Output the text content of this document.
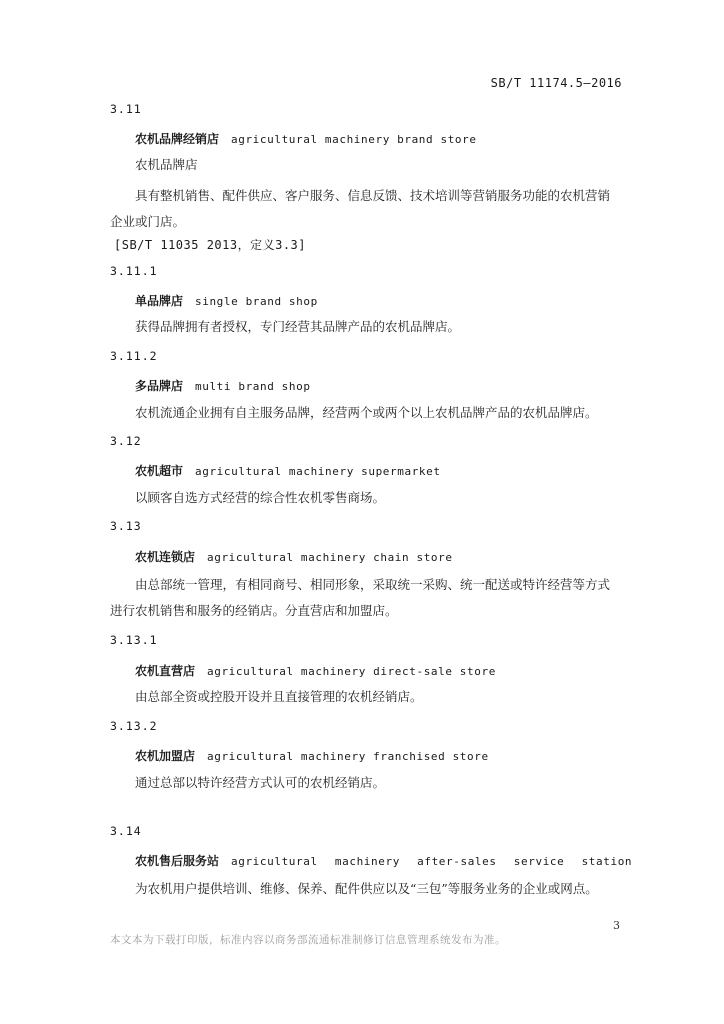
SB/T 11174.5—2016
3.11
农机品牌经销店 agricultural machinery brand store
农机品牌店
具有整机销售、配件供应、客户服务、信息反馈、技术培训等营销服务功能的农机营销企业或门店。
[SB/T 11035 2013，定义3.3]
3.11.1
单品牌店 single brand shop
获得品牌拥有者授权，专门经营其品牌产品的农机品牌店。
3.11.2
多品牌店 multi brand shop
农机流通企业拥有自主服务品牌，经营两个或两个以上农机品牌产品的农机品牌店。
3.12
农机超市 agricultural machinery supermarket
以顾客自选方式经营的综合性农机零售商场。
3.13
农机连锁店 agricultural machinery chain store
由总部统一管理，有相同商号、相同形象，采取统一采购、统一配送或特许经营等方式进行农机销售和服务的经销店。分直营店和加盟店。
3.13.1
农机直营店 agricultural machinery direct-sale store
由总部全资或控股开设并且直接管理的农机经销店。
3.13.2
农机加盟店 agricultural machinery franchised store
通过总部以特许经营方式认可的农机经销店。
3.14
农机售后服务站 agricultural machinery after-sales service station
为农机用户提供培训、维修、保养、配件供应以及“三包”等服务业务的企业或网点。
3
本文本为下载打印版，标准内容以商务部流通标准制修订信息管理系统发布为准。
